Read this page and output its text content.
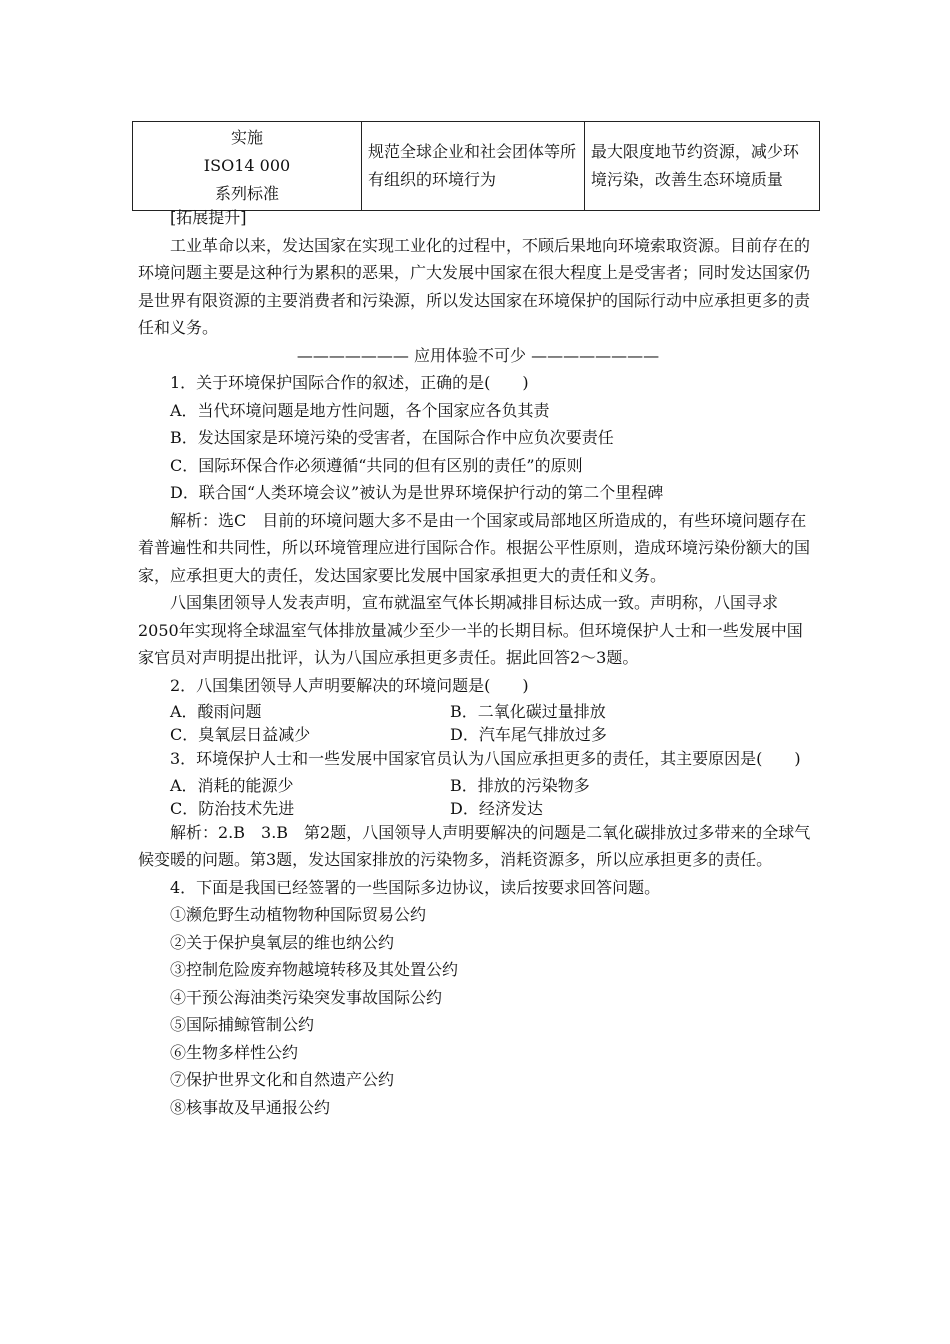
实施
ISO14 000
系列标准
	规范全球企业和社会团体等所有组织的环境行为	最大限度地节约资源，减少环境污染，改善生态环境质量

[拓展提升]

工业革命以来，发达国家在实现工业化的过程中，不顾后果地向环境索取资源。目前存在的环境问题主要是这种行为累积的恶果，广大发展中国家在很大程度上是受害者；同时发达国家仍是世界有限资源的主要消费者和污染源，所以发达国家在环境保护的国际行动中应承担更多的责任和义务。

——————— 应用体验不可少 ————————

1．关于环境保护国际合作的叙述，正确的是(　　)

A．当代环境问题是地方性问题，各个国家应各负其责

B．发达国家是环境污染的受害者，在国际合作中应负次要责任

C．国际环保合作必须遵循“共同的但有区别的责任”的原则

D．联合国“人类环境会议”被认为是世界环境保护行动的第二个里程碑

解析：选C　目前的环境问题大多不是由一个国家或局部地区所造成的，有些环境问题存在着普遍性和共同性，所以环境管理应进行国际合作。根据公平性原则，造成环境污染份额大的国家，应承担更大的责任，发达国家要比发展中国家承担更大的责任和义务。

八国集团领导人发表声明，宣布就温室气体长期减排目标达成一致。声明称，八国寻求2050年实现将全球温室气体排放量减少至少一半的长期目标。但环境保护人士和一些发展中国家官员对声明提出批评，认为八国应承担更多责任。据此回答2～3题。

2．八国集团领导人声明要解决的环境问题是(　　)

A．酸雨问题	B．二氧化碳过量排放
C．臭氧层日益减少	D．汽车尾气排放过多

3．环境保护人士和一些发展中国家官员认为八国应承担更多的责任，其主要原因是(　　)

A．消耗的能源少	B．排放的污染物多
C．防治技术先进	D．经济发达

解析：2.B　3.B　第2题，八国领导人声明要解决的问题是二氧化碳排放过多带来的全球气候变暖的问题。第3题，发达国家排放的污染物多，消耗资源多，所以应承担更多的责任。

4．下面是我国已经签署的一些国际多边协议，读后按要求回答问题。

①濒危野生动植物物种国际贸易公约

②关于保护臭氧层的维也纳公约

③控制危险废弃物越境转移及其处置公约

④干预公海油类污染突发事故国际公约

⑤国际捕鲸管制公约

⑥生物多样性公约

⑦保护世界文化和自然遗产公约

⑧核事故及早通报公约
